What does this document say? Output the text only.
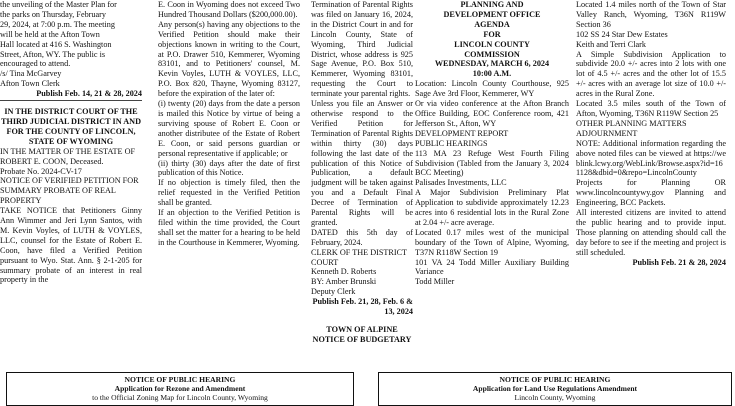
the unveiling of the Master Plan for

the parks on Thursday, February

29, 2024, at 7:00 p.m. The meeting

will be held at the Afton Town

Hall located at 416 S. Washington

Street, Afton, WY. The public is

encouraged to attend.

/s/ Tina McGarvey

Afton Town Clerk

Publish Feb. 14, 21 & 28, 2024

IN THE DISTRICT COURT OF THE THIRD JUDICIAL DISTRICT IN AND FOR THE COUNTY OF LINCOLN, STATE OF WYOMING

IN THE MATTER OF THE ESTATE OF ROBERT E. COON, Deceased.

Probate No. 2024-CV-17

NOTICE OF VERIFIED PETITION FOR SUMMARY PROBATE OF REAL PROPERTY

TAKE NOTICE that Petitioners Ginny Ann Wimmer and Jeri Lynn Santos, with M. Kevin Voyles, of LUTH & VOYLES, LLC, counsel for the Estate of Robert E. Coon, have filed a Verified Petition pursuant to Wyo. Stat. Ann. § 2-1-205 for summary probate of an interest in real property in the

E. Coon in Wyoming does not exceed Two Hundred Thousand Dollars ($200,000.00).

Any person(s) having any objections to the Verified Petition should make their objections known in writing to the Court, at P.O. Drawer 510, Kemmerer, Wyoming 83101, and to Petitioners' counsel, M. Kevin Voyles, LUTH & VOYLES, LLC, P.O. Box 820, Thayne, Wyoming 83127, before the expiration of the later of:

(i) twenty (20) days from the date a person is mailed this Notice by virtue of being a surviving spouse of Robert E. Coon or another distributee of the Estate of Robert E. Coon, or said persons guardian or personal representative if applicable; or

(ii) thirty (30) days after the date of first publication of this Notice.

If no objection is timely filed, then the relief requested in the Verified Petition shall be granted.

If an objection to the Verified Petition is filed within the time provided, the Court shall set the matter for a hearing to be held in the Courthouse in Kemmerer, Wyoming.

Termination of Parental Rights was filed on January 16, 2024, in the District Court in and for Lincoln County, State of Wyoming, Third Judicial District, whose address is 925 Sage Avenue, P.O. Box 510, Kemmerer, Wyoming 83101, requesting the Court to terminate your parental rights.

Unless you file an Answer or otherwise respond to the Verified Petition for Termination of Parental Rights within thirty (30) days following the last date of the publication of this Notice of Publication, a default judgment will be taken against you and a Default Final Decree of Termination of Parental Rights will be granted.

DATED this 5th day of February, 2024.

CLERK OF THE DISTRICT

COURT

Kenneth D. Roberts

BY: Amber Brunski

Deputy Clerk

Publish Feb. 21, 28, Feb. 6 & 13, 2024

TOWN OF ALPINE

NOTICE OF BUDGETARY

PLANNING AND

DEVELOPMENT OFFICE

AGENDA

FOR

LINCOLN COUNTY

COMMISSION

WEDNESDAY, MARCH 6, 2024

10:00 A.M.

Location: Lincoln County Courthouse, 925 Sage Ave 3rd Floor, Kemmerer, WY

Or via video conference at the Afton Branch Office Building, EOC Conference room, 421 Jefferson St., Afton, WY

DEVELOPMENT REPORT

PUBLIC HEARINGS

113 MA 23 Refuge West Fourth Filing Subdivision (Tabled from the January 3, 2024 BCC Meeting)

Palisades Investments, LLC

A Major Subdivision Preliminary Plat Application to subdivide approximately 12.23 acres into 6 residential lots in the Rural Zone at 2.04 +/- acre average.

Located 0.17 miles west of the municipal boundary of the Town of Alpine, Wyoming, T37N R118W Section 19

101 VA 24 Todd Miller Auxiliary Building Variance

Todd Miller

Located 1.4 miles north of the Town of Star Valley Ranch, Wyoming, T36N R119W Section 36

102 SS 24 Star Dew Estates

Keith and Terri Clark

A Simple Subdivision Application to subdivide 20.0 +/- acres into 2 lots with one lot of 4.5 +/- acres and the other lot of 15.5 +/- acres with an average lot size of 10.0 +/- acres in the Rural Zone.

Located 3.5 miles south of the Town of Afton, Wyoming, T36N R119W Section 25

OTHER PLANNING MATTERS

ADJOURNMENT

NOTE: Additional information regarding the above noted files can be viewed at https://weblink.lcwy.org/WebLink/Browse.aspx?id=161128&dbid=0&repo=LincolnCounty

Projects for Planning OR www.lincolncountywy.gov Planning and Engineering, BCC Packets.

All interested citizens are invited to attend the public hearing and to provide input. Those planning on attending should call the day before to see if the meeting and project is still scheduled.

Publish Feb. 21 & 28, 2024

NOTICE OF PUBLIC HEARING
Application for Rezone and Amendment
to the Official Zoning Map for Lincoln County, Wyoming
NOTICE OF PUBLIC HEARING
Application for Land Use Regulations Amendment
Lincoln County, Wyoming
